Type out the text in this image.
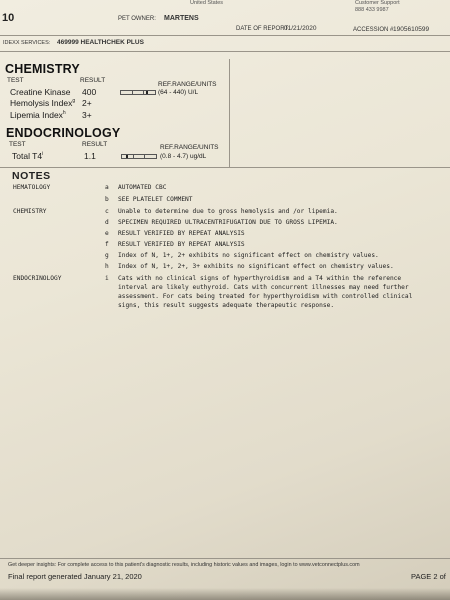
United States	Customer Support
888 433 9987
10	PET OWNER: MARTENS
DATE OF REPORT
01/21/2020	ACCESSION # 1905610599
IDEXX SERVICES: 469999 HEALTHCHEK PLUS
CHEMISTRY
TEST	RESULT
REF.RANGE/UNITS
Creatine Kinase 400	(64 - 440) U/L
Hemolysis Index$^g$ 2+
Lipemia Index$^h$ 3+
ENDOCRINOLOGY
TEST	RESULT	REF.RANGE/UNITS
Total T4$^i$	1.1	(0.8 - 4.7) ug/dL
NOTES
HEMATOLOGY	a AUTOMATED CBC
b SEE PLATELET COMMENT
CHEMISTRY	c Unable to determine due to gross hemolysis and /or lipemia.
d SPECIMEN REQUIRED ULTRACENTRIFUGATION DUE TO GROSS LIPEMIA.
e RESULT VERIFIED BY REPEAT ANALYSIS
f RESULT VERIFIED BY REPEAT ANALYSIS
g Index of N, 1+, 2+ exhibits no significant effect on chemistry values.
h Index of N, 1+, 2+, 3+ exhibits no significant effect on chemistry values.
ENDOCRINOLOGY	i Cats with no clinical signs of hyperthyroidism and a T4 within the reference
interval are likely euthyroid. Cats with concurrent illnesses may need further
assessment. For cats being treated for hyperthyroidism with controlled clinical
signs, this result suggests adequate therapeutic response.
Get deeper insights: For complete access to this patient's diagnostic results, including historic values and images, login to www.vetconnectplus.com
Final report generated January 21, 2020	PAGE 2 of
